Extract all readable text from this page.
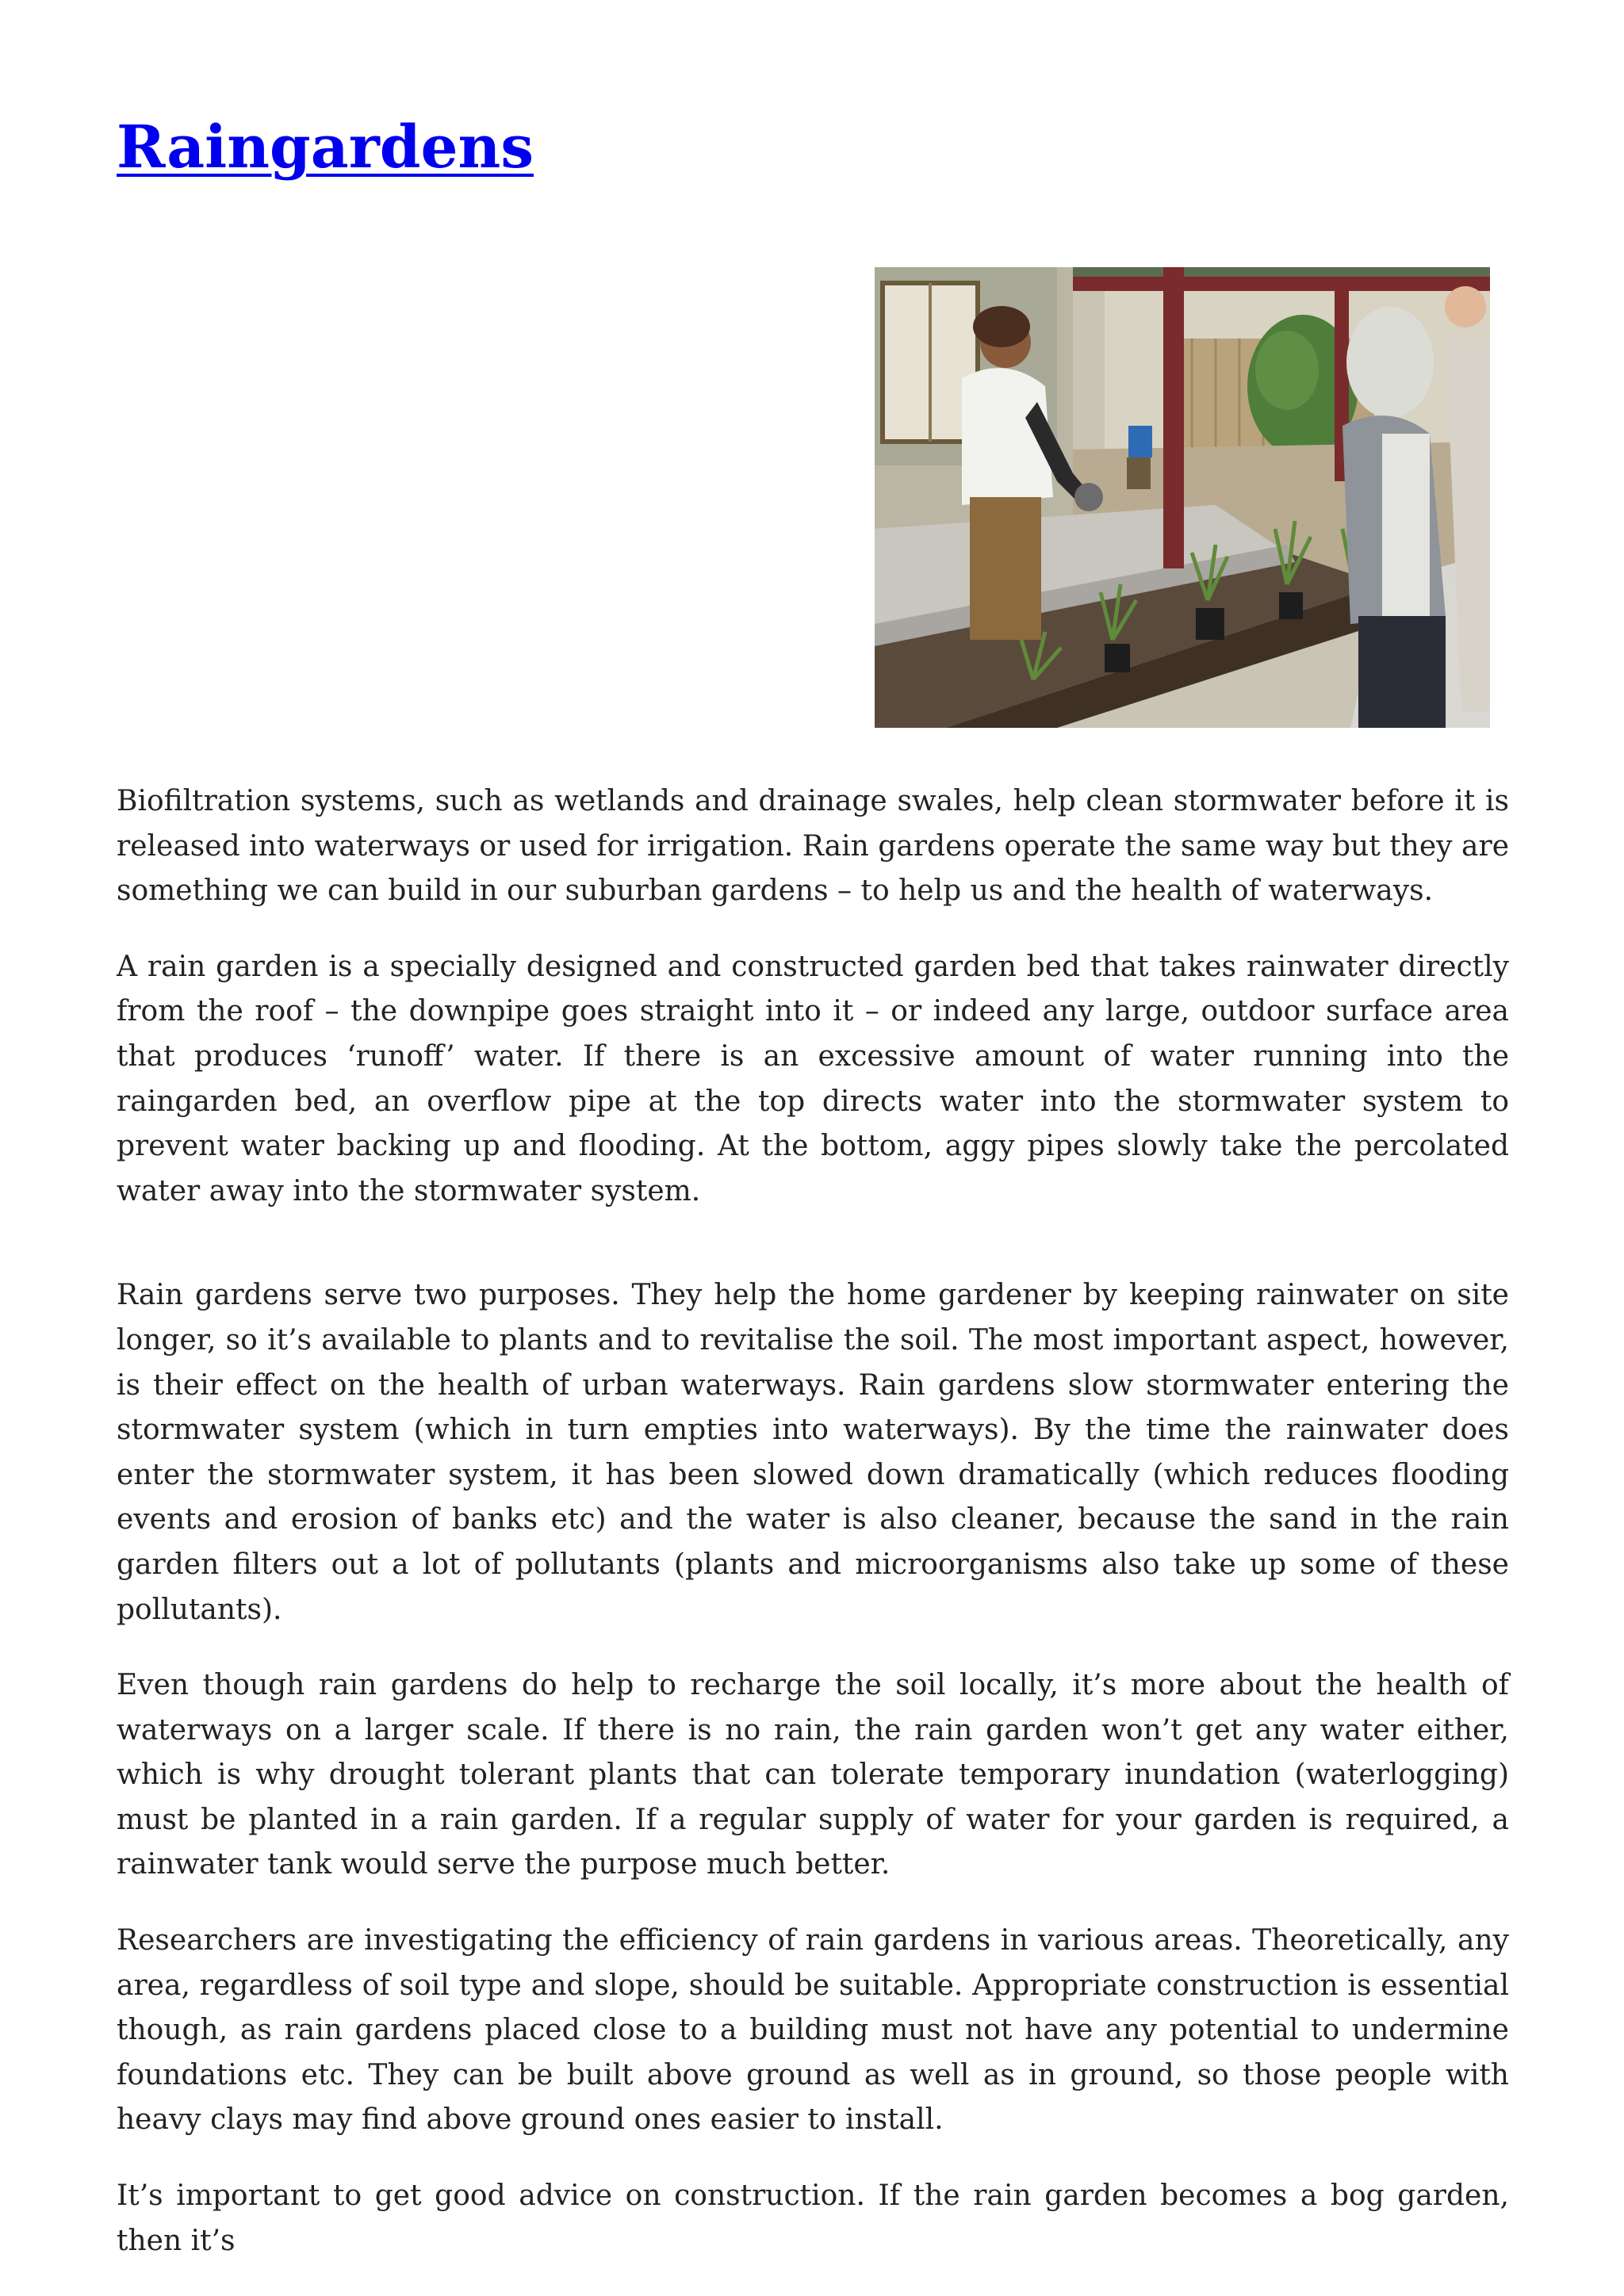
Raingardens

Biofiltration systems, such as wetlands and drainage swales, help clean stormwater before it is released into waterways or used for irrigation. Rain gardens operate the same way but they are something we can build in our suburban gardens – to help us and the health of waterways.

A rain garden is a specially designed and constructed garden bed that takes rainwater directly from the roof – the downpipe goes straight into it – or indeed any large, outdoor surface area that produces ‘runoff’ water. If there is an excessive amount of water running into the raingarden bed, an overflow pipe at the top directs water into the stormwater system to prevent water backing up and flooding. At the bottom, aggy pipes slowly take the percolated water away into the stormwater system.

Rain gardens serve two purposes. They help the home gardener by keeping rainwater on site longer, so it’s available to plants and to revitalise the soil. The most important aspect, however, is their effect on the health of urban waterways. Rain gardens slow stormwater entering the stormwater system (which in turn empties into waterways). By the time the rainwater does enter the stormwater system, it has been slowed down dramatically (which reduces flooding events and erosion of banks etc) and the water is also cleaner, because the sand in the rain garden filters out a lot of pollutants (plants and microorganisms also take up some of these pollutants).

Even though rain gardens do help to recharge the soil locally, it’s more about the health of waterways on a larger scale. If there is no rain, the rain garden won’t get any water either, which is why drought tolerant plants that can tolerate temporary inundation (waterlogging) must be planted in a rain garden. If a regular supply of water for your garden is required, a rainwater tank would serve the purpose much better.

Researchers are investigating the efficiency of rain gardens in various areas. Theoretically, any area, regardless of soil type and slope, should be suitable. Appropriate construction is essential though, as rain gardens placed close to a building must not have any potential to undermine foundations etc. They can be built above ground as well as in ground, so those people with heavy clays may find above ground ones easier to install.

It’s important to get good advice on construction. If the rain garden becomes a bog garden, then it’s
